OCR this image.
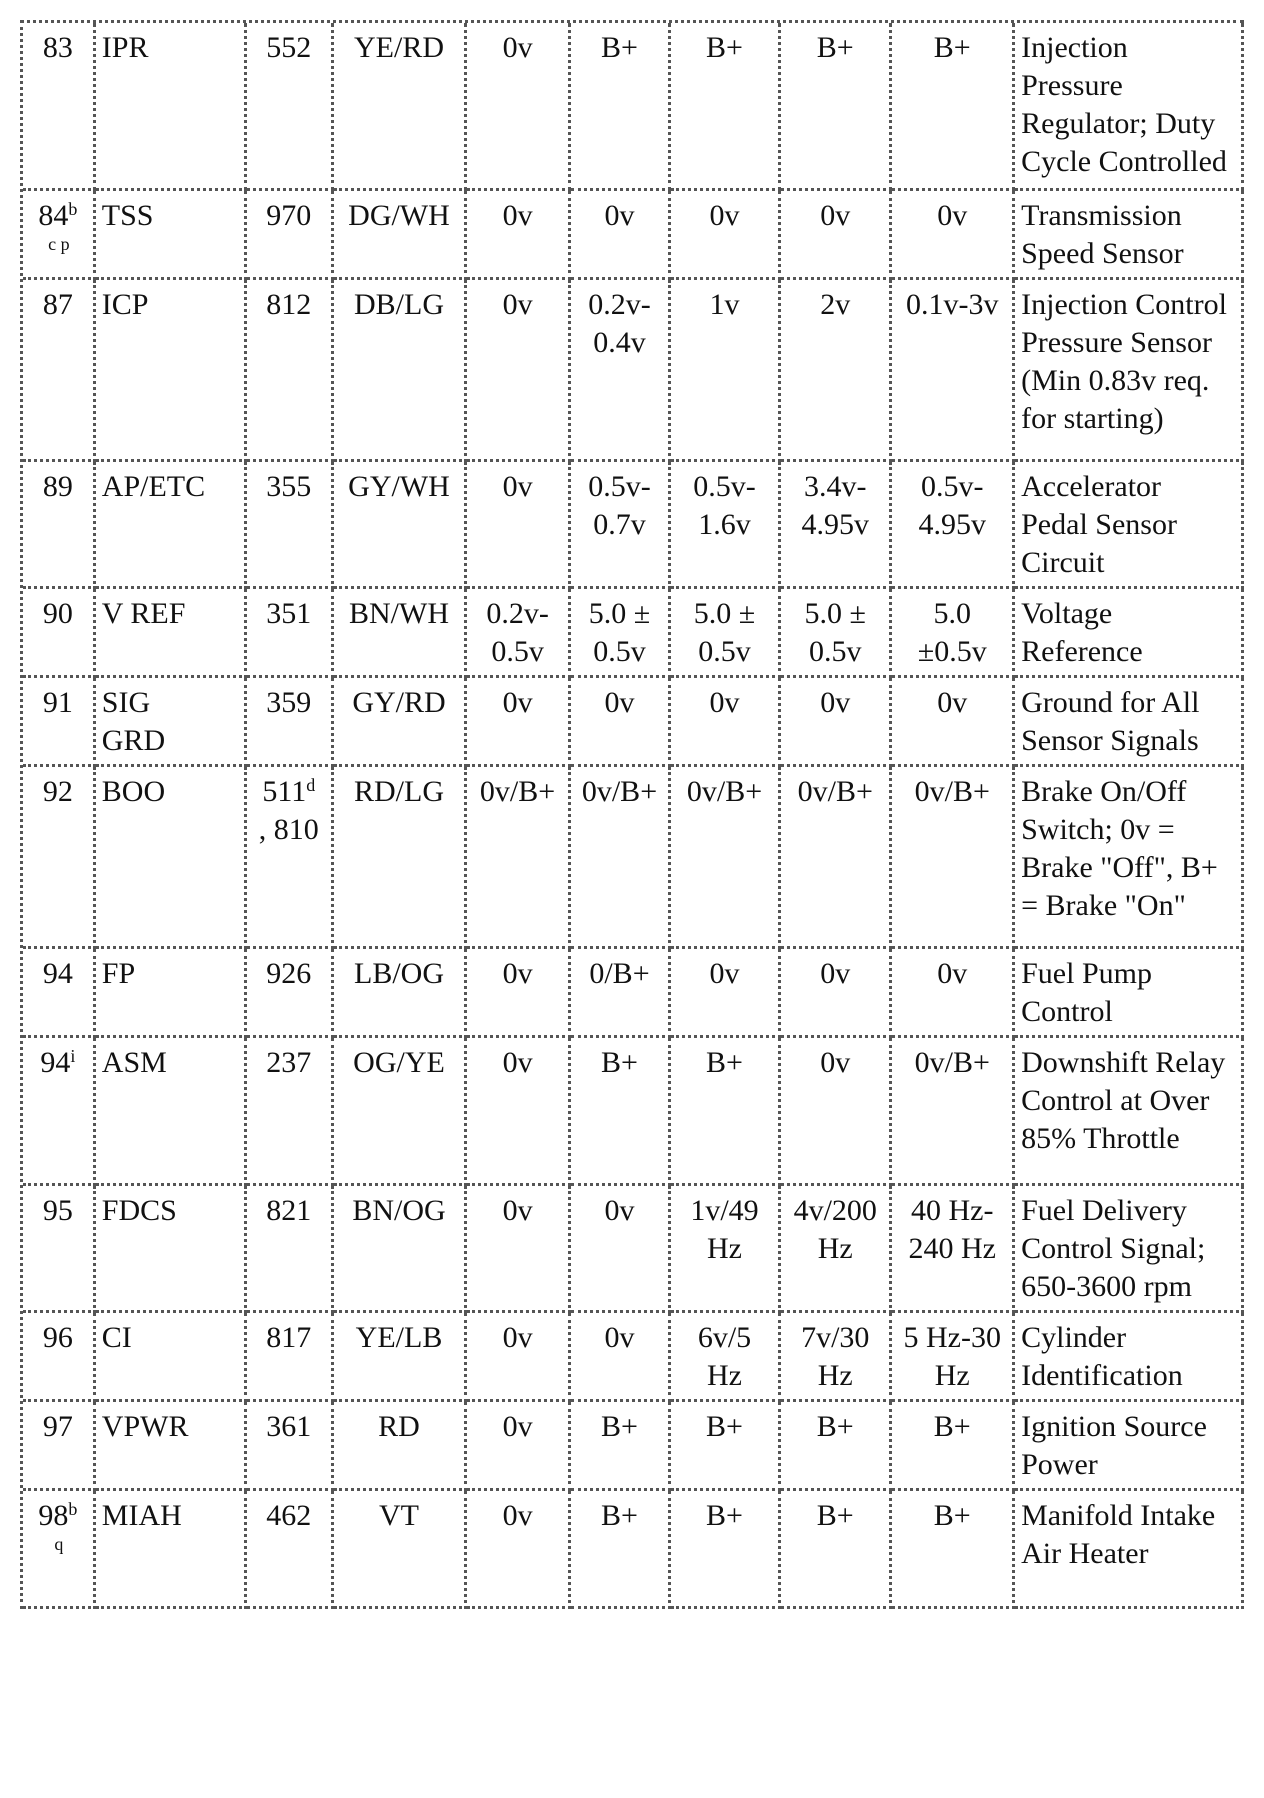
83	IPR	552	YE/RD	0v	B+	B+	B+	B+	Injection Pressure Regulator; Duty Cycle Controlled
84$^b$
c p	TSS	970	DG/WH	0v	0v	0v	0v	0v	Transmission Speed Sensor
87	ICP	812	DB/LG	0v	0.2v-
0.4v	1v	2v	0.1v-3v	Injection Control Pressure Sensor (Min 0.83v req. for starting)
89	AP/ETC	355	GY/WH	0v	0.5v-
0.7v	0.5v-
1.6v	3.4v-
4.95v	0.5v-
4.95v	Accelerator Pedal Sensor Circuit
90	V REF	351	BN/WH	0.2v-
0.5v	5.0 ±
0.5v	5.0 ±
0.5v	5.0 ±
0.5v	5.0
±0.5v	Voltage Reference
91	SIG
GRD	359	GY/RD	0v	0v	0v	0v	0v	Ground for All Sensor Signals
92	BOO	511$^d$
, 810	RD/LG	0v/B+	0v/B+	0v/B+	0v/B+	0v/B+	Brake On/Off Switch; 0v = Brake "Off", B+ = Brake "On"
94	FP	926	LB/OG	0v	0/B+	0v	0v	0v	Fuel Pump Control
94$^i$	ASM	237	OG/YE	0v	B+	B+	0v	0v/B+	Downshift Relay Control at Over 85% Throttle
95	FDCS	821	BN/OG	0v	0v	1v/49
Hz	4v/200
Hz	40 Hz-
240 Hz	Fuel Delivery Control Signal; 650-3600 rpm
96	CI	817	YE/LB	0v	0v	6v/5
Hz	7v/30
Hz	5 Hz-30
Hz	Cylinder Identification
97	VPWR	361	RD	0v	B+	B+	B+	B+	Ignition Source Power
98$^b$
q	MIAH	462	VT	0v	B+	B+	B+	B+	Manifold Intake Air Heater
